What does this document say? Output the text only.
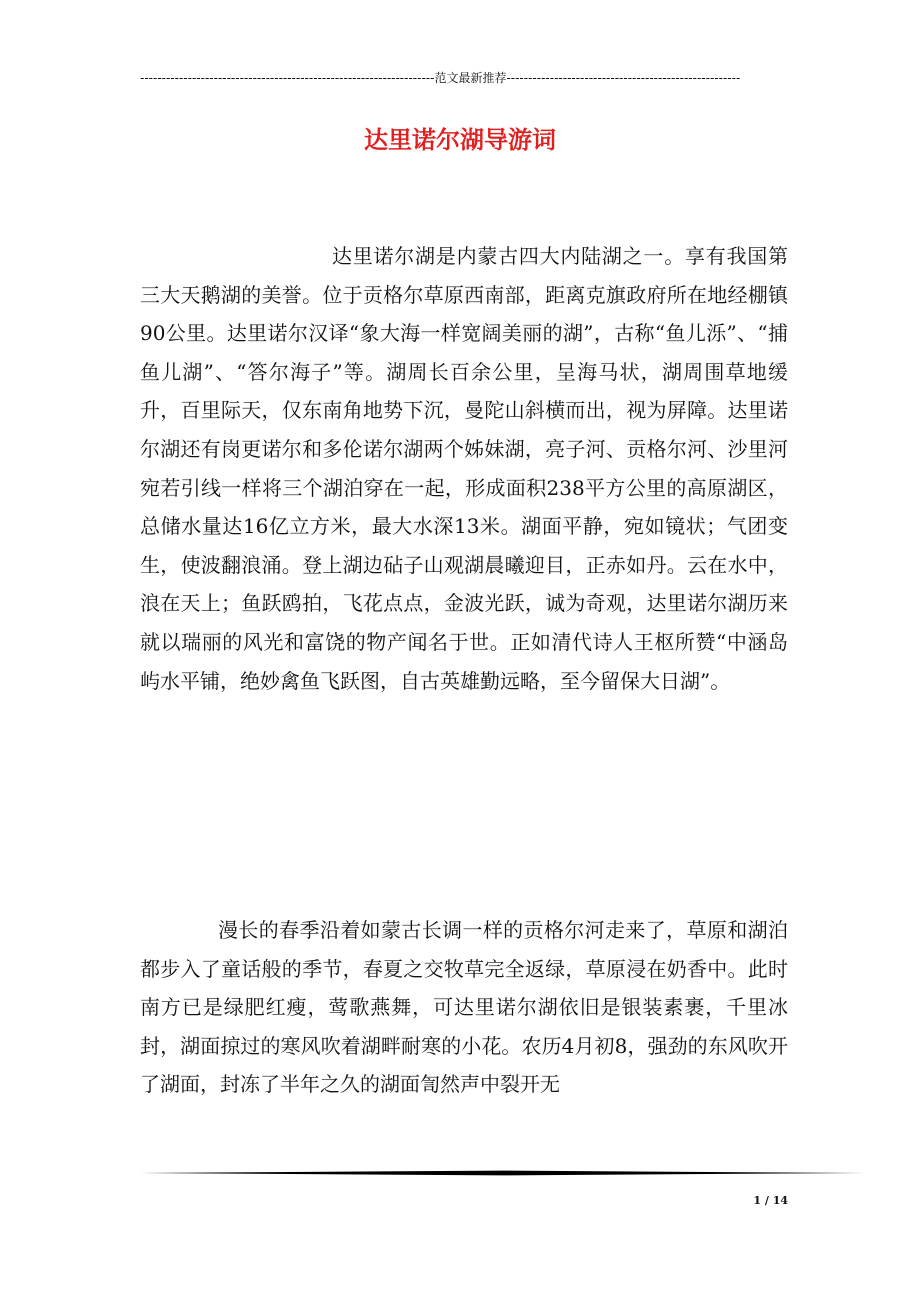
--------------------------------------------------------------------范文最新推荐------------------------------------------------------
达里诺尔湖导游词

达里诺尔湖是内蒙古四大内陆湖之一。享有我国第三大天鹅湖的美誉。位于贡格尔草原西南部，距离克旗政府所在地经棚镇90公里。达里诺尔汉译“象大海一样宽阔美丽的湖”，古称“鱼儿泺”、“捕鱼儿湖”、“答尔海子”等。湖周长百余公里，呈海马状，湖周围草地缓升，百里际天，仅东南角地势下沉，曼陀山斜横而出，视为屏障。达里诺尔湖还有岗更诺尔和多伦诺尔湖两个姊妹湖，亮子河、贡格尔河、沙里河宛若引线一样将三个湖泊穿在一起，形成面积238平方公里的高原湖区，总储水量达16亿立方米，最大水深13米。湖面平静，宛如镜状；气团变生，使波翻浪涌。登上湖边砧子山观湖晨曦迎目，正赤如丹。云在水中，浪在天上；鱼跃鸥拍，飞花点点，金波光跃，诚为奇观，达里诺尔湖历来就以瑞丽的风光和富饶的物产闻名于世。正如清代诗人王枢所赞“中涵岛屿水平铺，绝妙禽鱼飞跃图，自古英雄勤远略，至今留保大日湖”。

漫长的春季沿着如蒙古长调一样的贡格尔河走来了，草原和湖泊都步入了童话般的季节，春夏之交牧草完全返绿，草原浸在奶香中。此时南方已是绿肥红瘦，莺歌燕舞，可达里诺尔湖依旧是银装素裹，千里冰封，湖面掠过的寒风吹着湖畔耐寒的小花。农历4月初8，强劲的东风吹开了湖面，封冻了半年之久的湖面訇然声中裂开无

1 / 14
